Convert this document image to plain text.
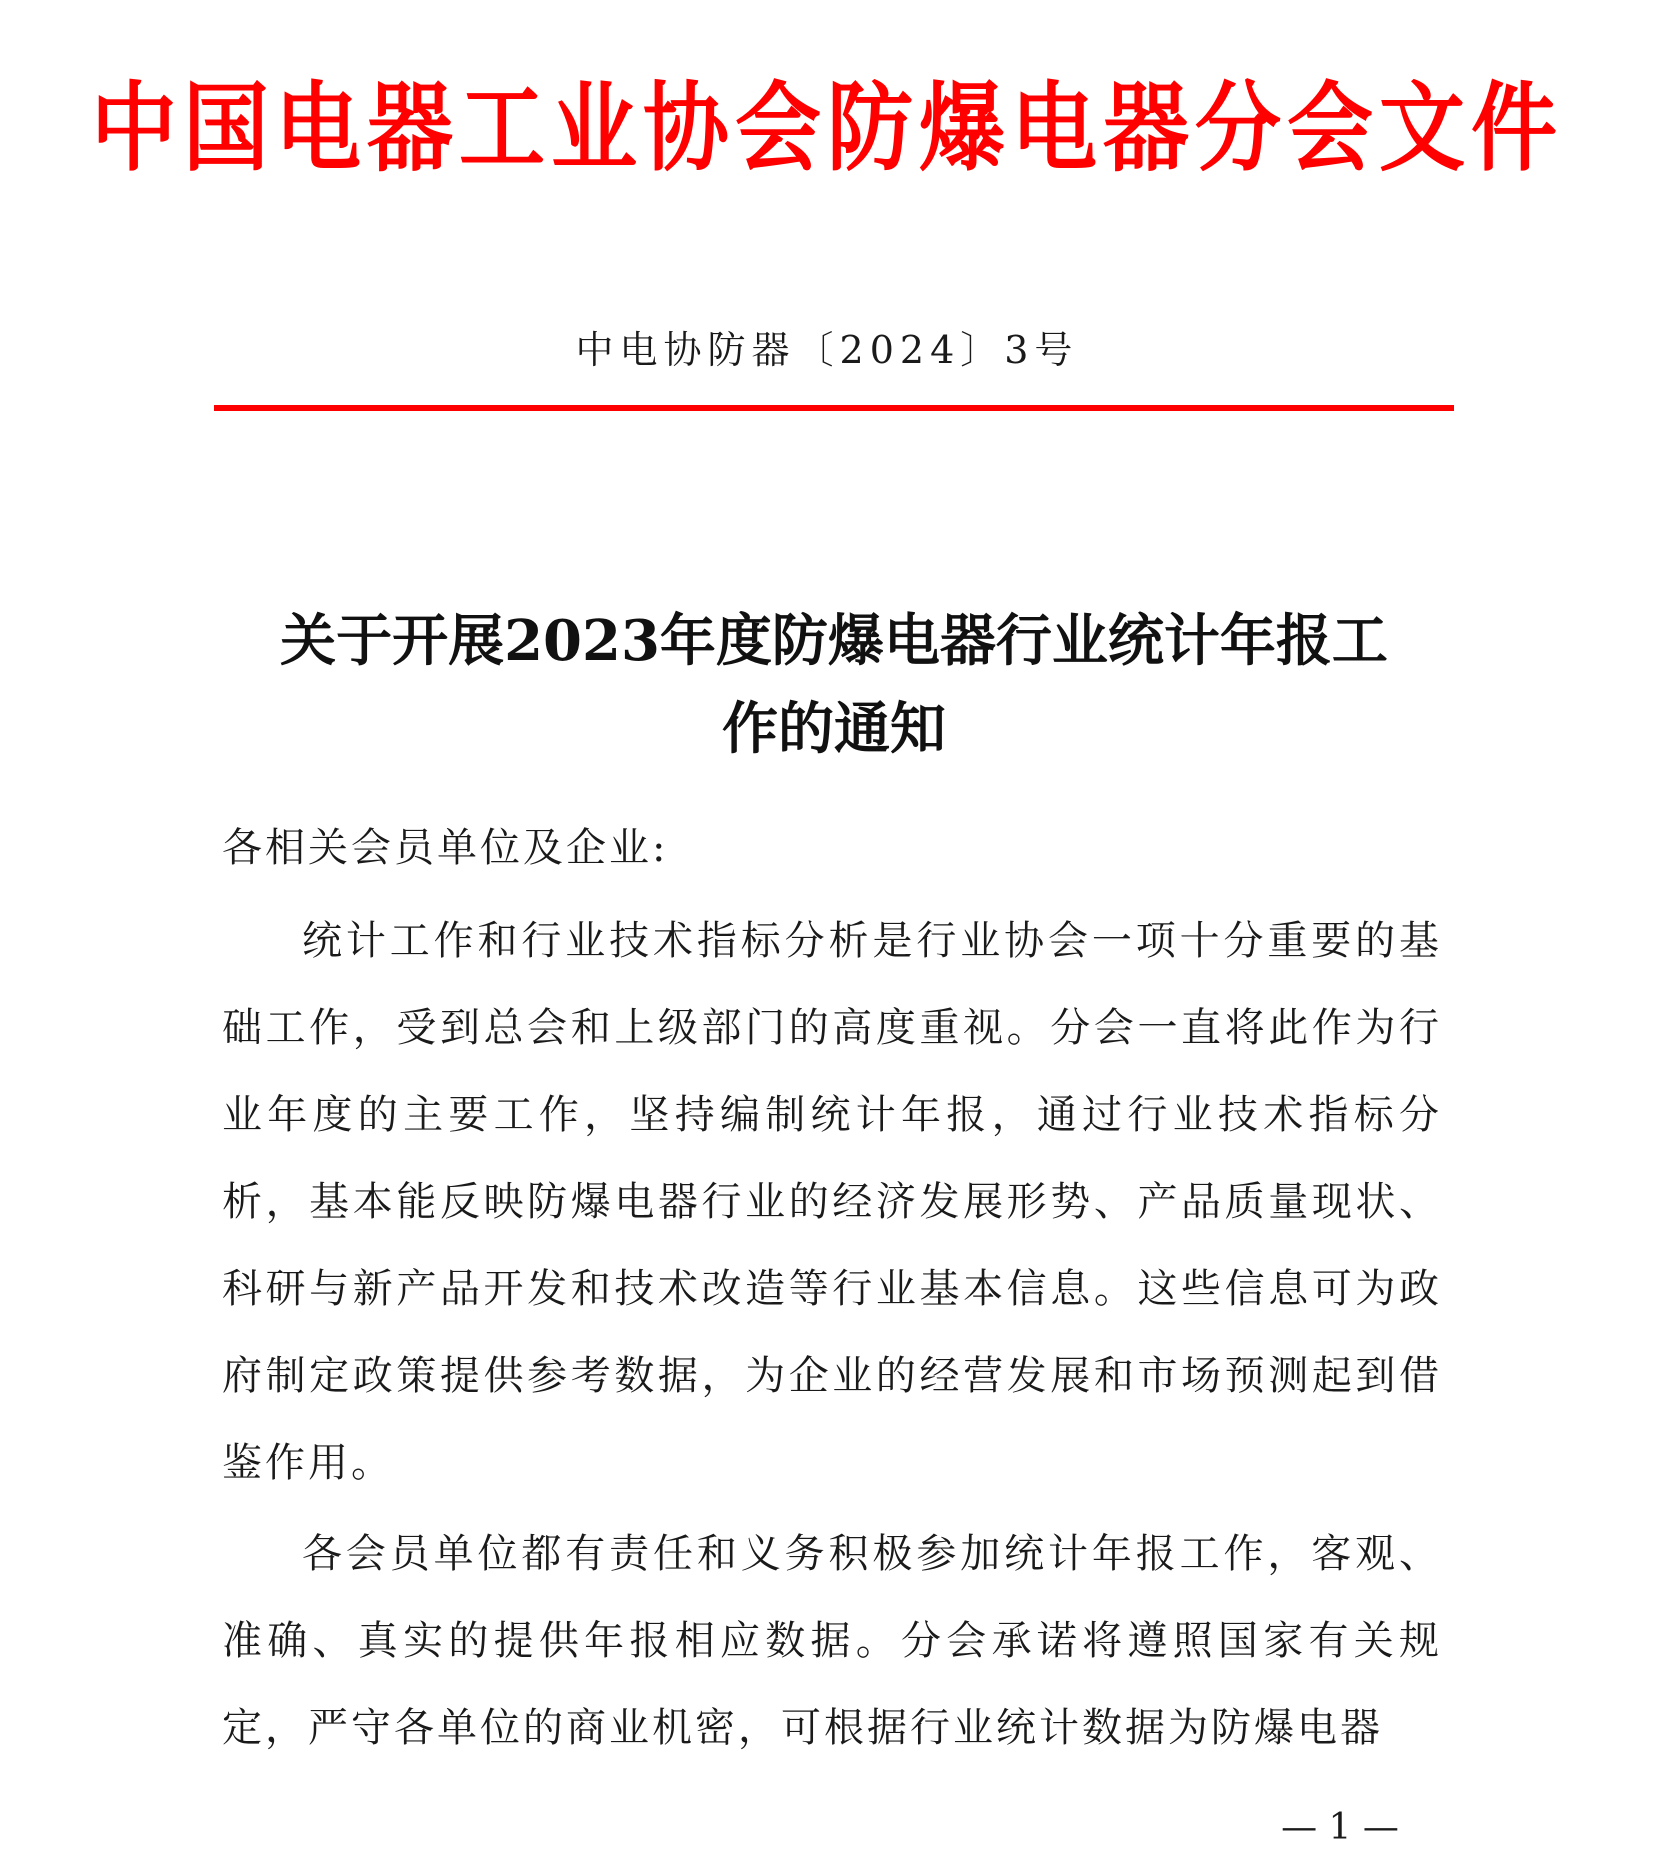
中国电器工业协会防爆电器分会文件
中电协防器〔2024〕3号
关于开展2023年度防爆电器行业统计年报工
作的通知
各相关会员单位及企业:

统计工作和行业技术指标分析是行业协会一项十分重要的基础工作，受到总会和上级部门的高度重视。分会一直将此作为行业年度的主要工作，坚持编制统计年报，通过行业技术指标分析，基本能反映防爆电器行业的经济发展形势、产品质量现状、科研与新产品开发和技术改造等行业基本信息。这些信息可为政府制定政策提供参考数据，为企业的经营发展和市场预测起到借鉴作用。

各会员单位都有责任和义务积极参加统计年报工作，客观、准确、真实的提供年报相应数据。分会承诺将遵照国家有关规定，严守各单位的商业机密，可根据行业统计数据为防爆电器

— 1 —
